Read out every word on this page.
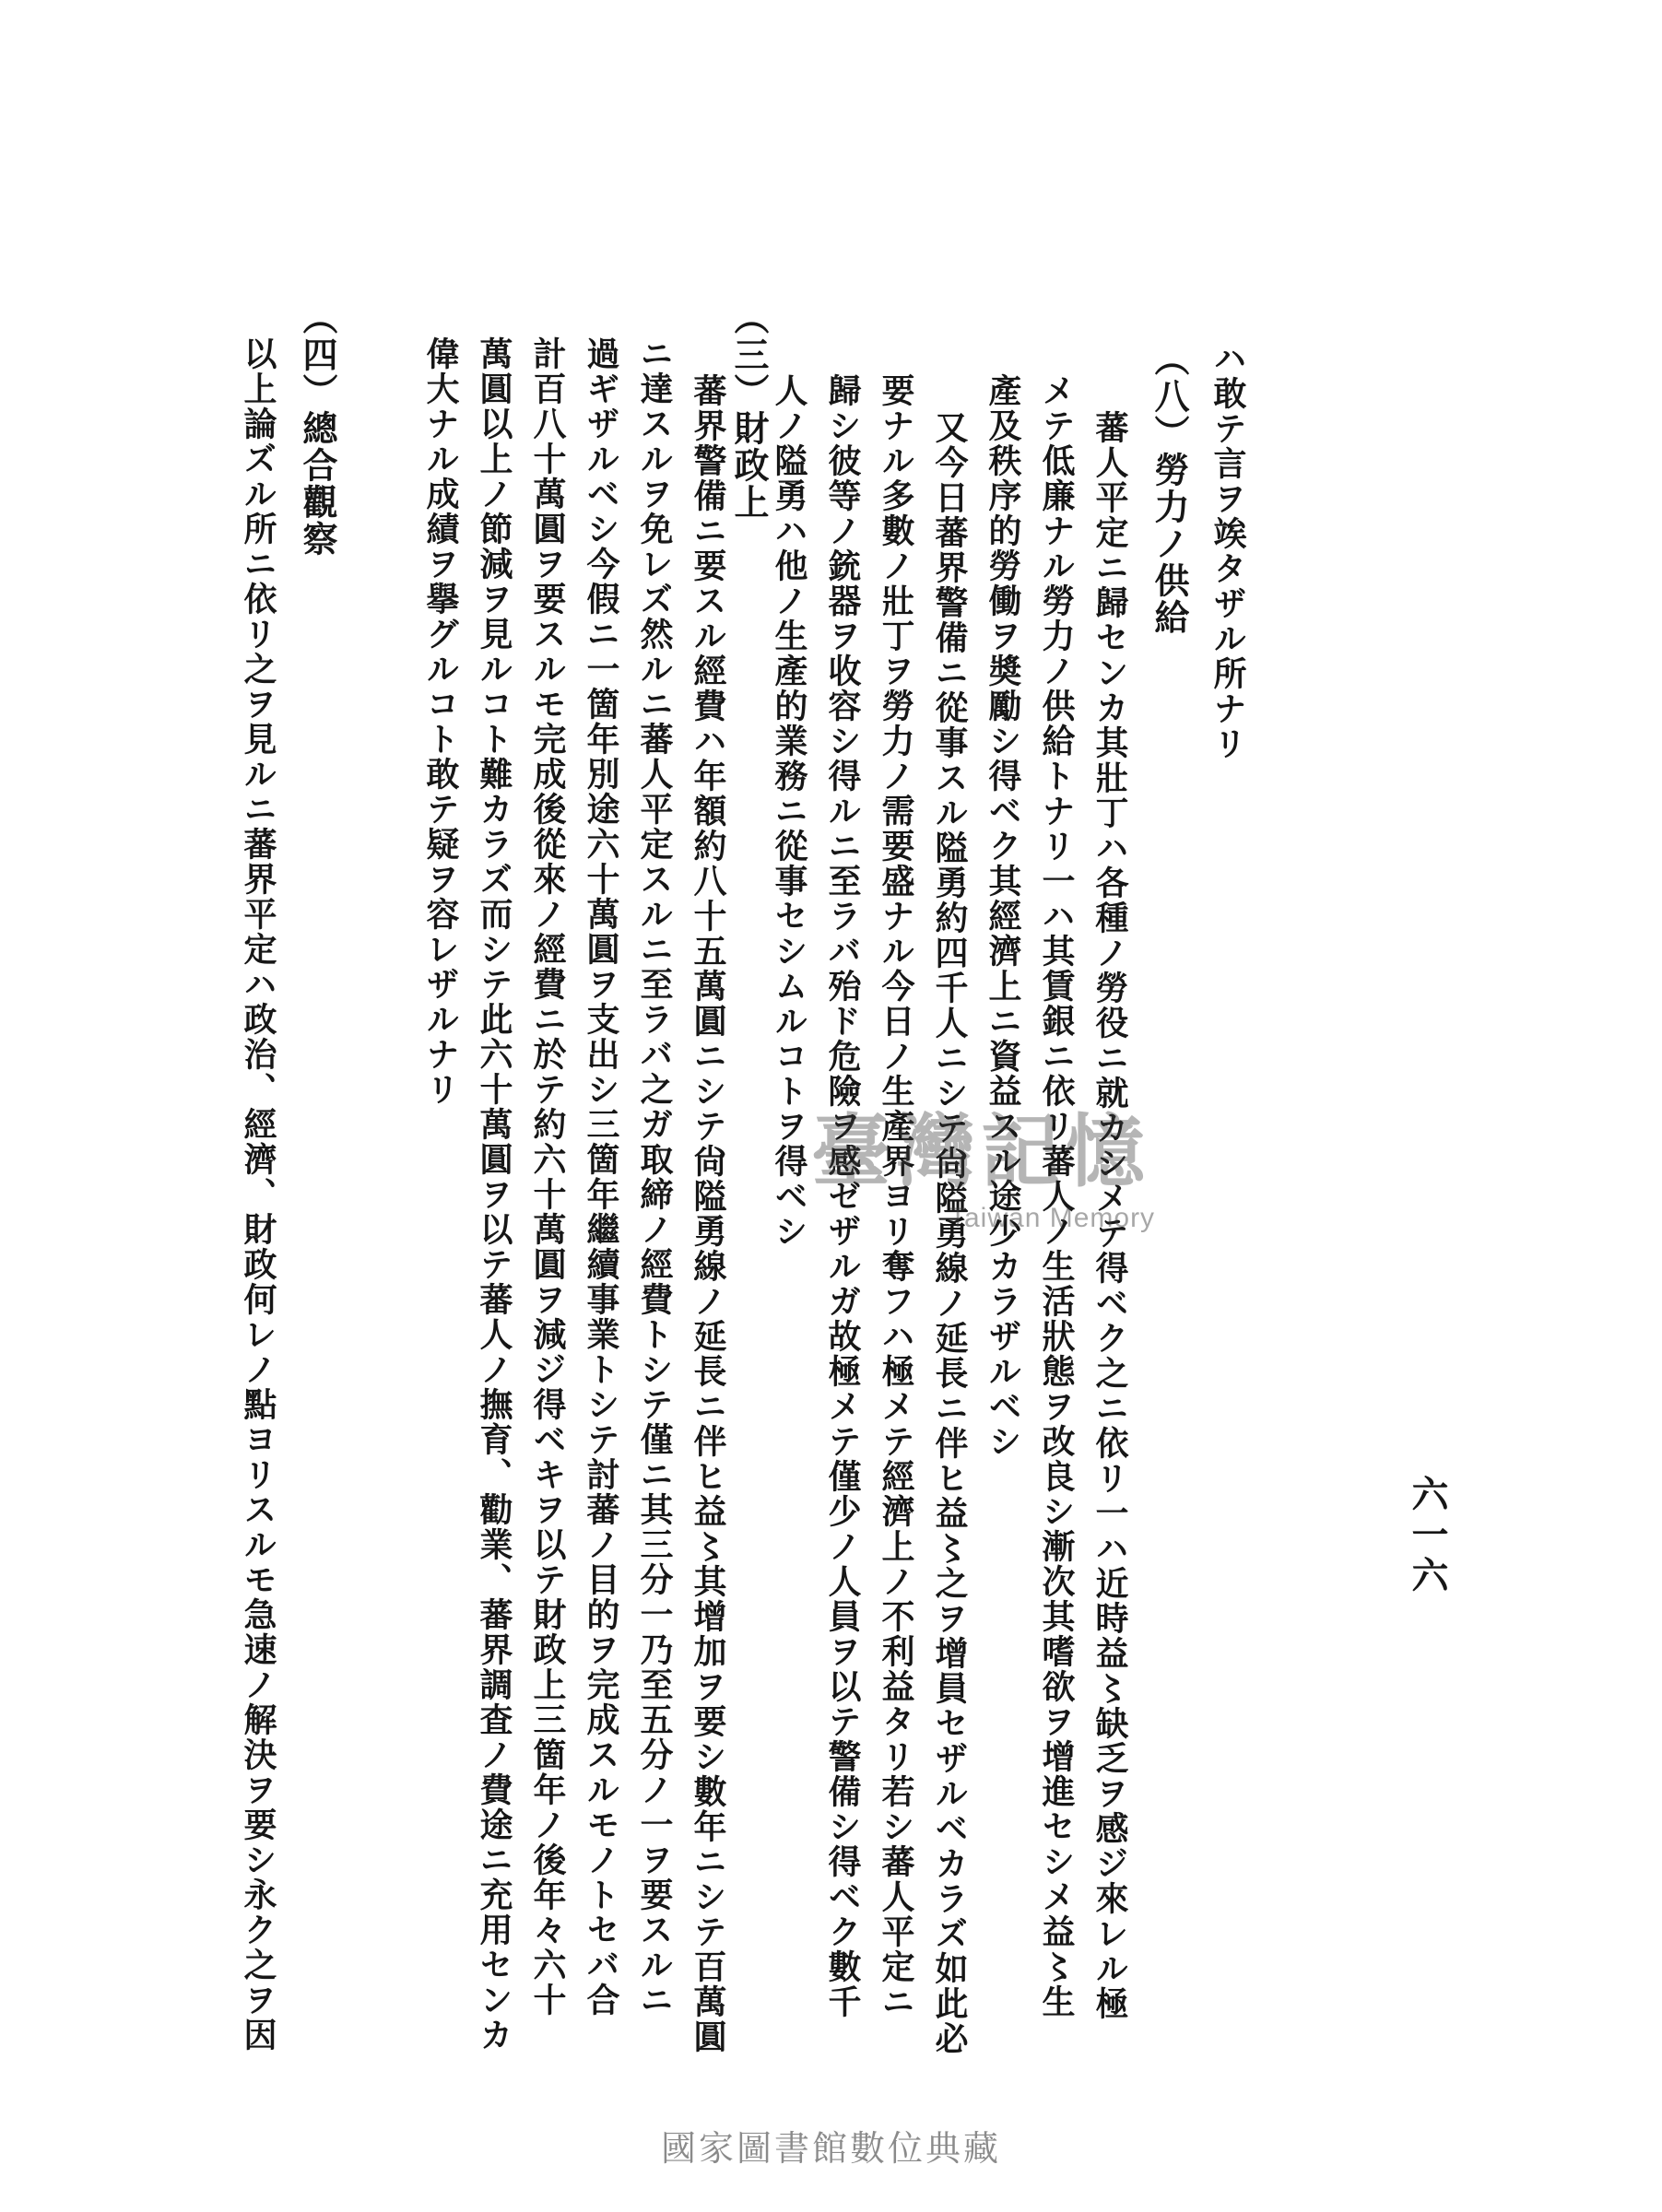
六一六
ハ敢テ言ヲ竢タザル所ナリ
（八）勞力ノ供給
蕃人平定ニ歸センカ其壯丁ハ各種ノ勞役ニ就カシメテ得ベク之ニ依リ一ハ近時益〻缺乏ヲ感ジ來レル極
メテ低廉ナル勞力ノ供給トナリ一ハ其賃銀ニ依リ蕃人ノ生活狀態ヲ改良シ漸次其嗜欲ヲ增進セシメ益〻生
產及秩序的勞働ヲ奬勵シ得ベク其經濟上ニ資益スル途少カラザルベシ
又今日蕃界警備ニ從事スル隘勇約四千人ニシテ尙隘勇線ノ延長ニ伴ヒ益〻之ヲ增員セザルベカラズ如此必
要ナル多數ノ壯丁ヲ勞力ノ需要盛ナル今日ノ生產界ヨリ奪フハ極メテ經濟上ノ不利益タリ若シ蕃人平定ニ
歸シ彼等ノ銃器ヲ收容シ得ルニ至ラバ殆ド危險ヲ感ゼザルガ故極メテ僅少ノ人員ヲ以テ警備シ得ベク數千
人ノ隘勇ハ他ノ生產的業務ニ從事セシムルコトヲ得ベシ
（三）財政上
蕃界警備ニ要スル經費ハ年額約八十五萬圓ニシテ尙隘勇線ノ延長ニ伴ヒ益〻其增加ヲ要シ數年ニシテ百萬圓
ニ達スルヲ免レズ然ルニ蕃人平定スルニ至ラバ之ガ取締ノ經費トシテ僅ニ其三分一乃至五分ノ一ヲ要スルニ
過ギザルベシ今假ニ一箇年別途六十萬圓ヲ支出シ三箇年繼續事業トシテ討蕃ノ目的ヲ完成スルモノトセバ合
計百八十萬圓ヲ要スルモ完成後從來ノ經費ニ於テ約六十萬圓ヲ減ジ得ベキヲ以テ財政上三箇年ノ後年々六十
萬圓以上ノ節減ヲ見ルコト難カラズ而シテ此六十萬圓ヲ以テ蕃人ノ撫育、勸業、蕃界調査ノ費途ニ充用センカ
偉大ナル成績ヲ擧グルコト敢テ疑ヲ容レザルナリ
（四）總合觀察
以上論ズル所ニ依リ之ヲ見ルニ蕃界平定ハ政治、經濟、財政何レノ點ヨリスルモ急速ノ解決ヲ要シ永ク之ヲ因	臺灣記憶
Taiwan Memory
國家圖書館數位典藏
